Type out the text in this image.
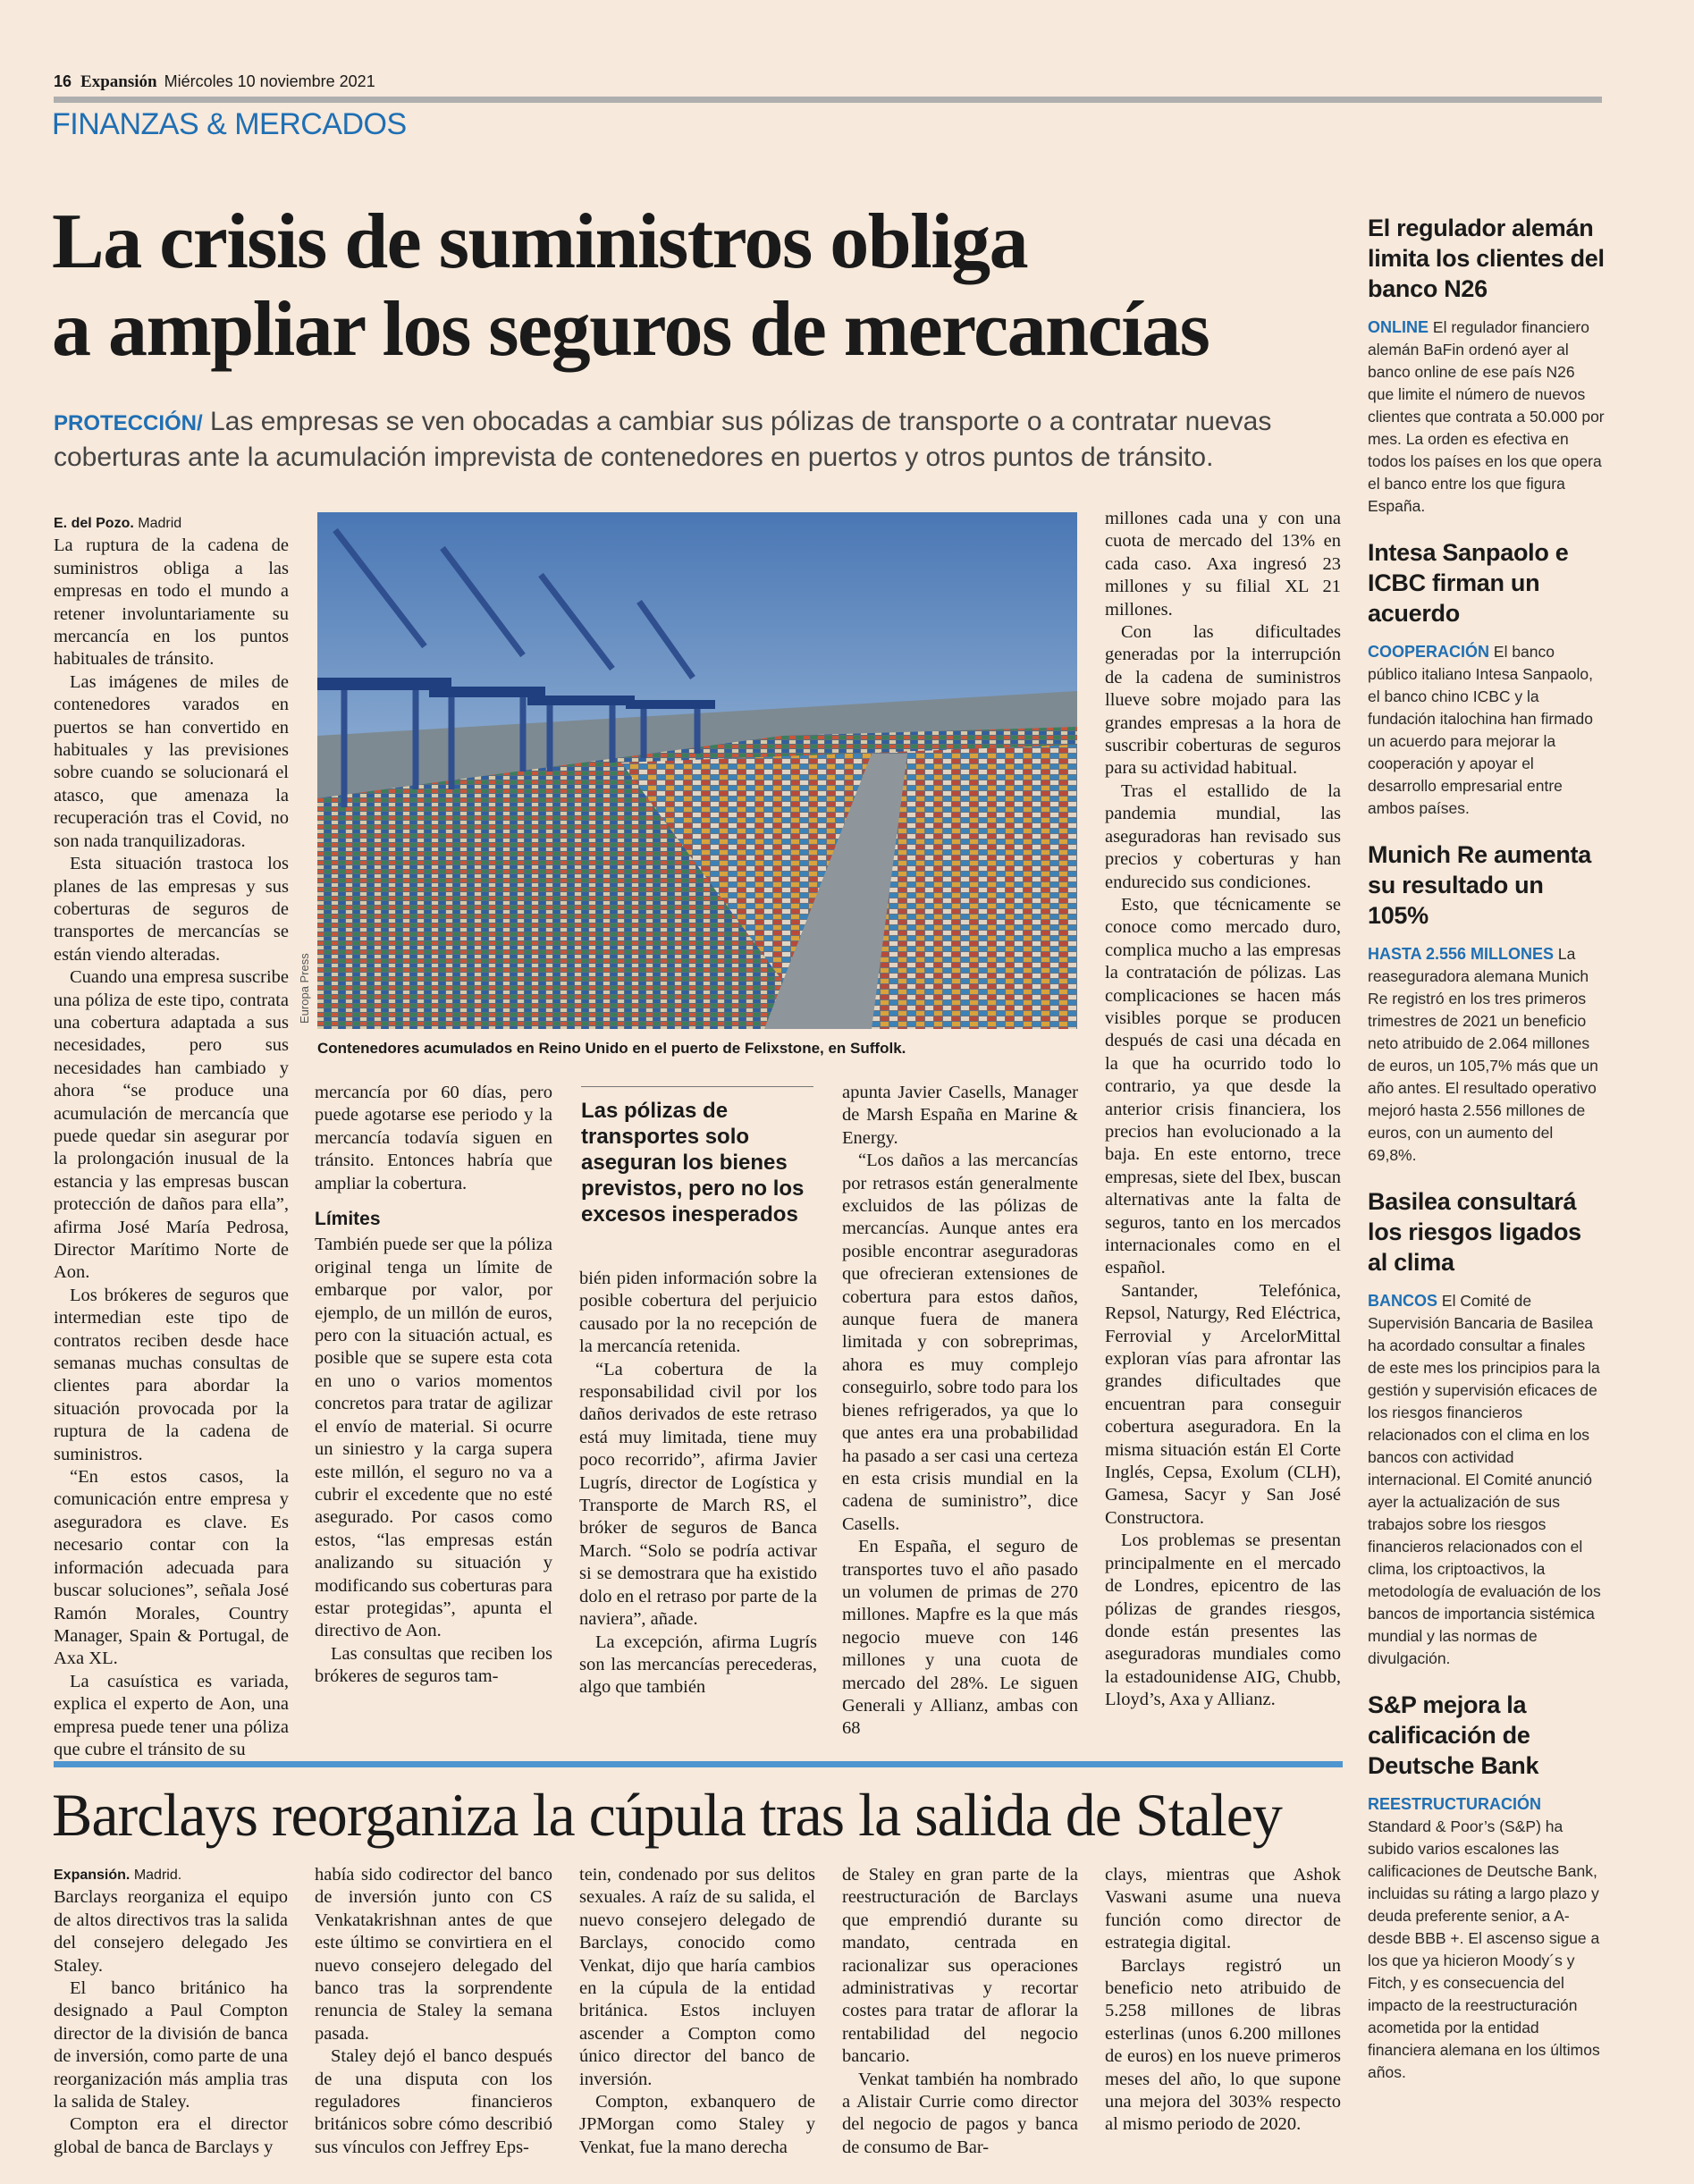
16 Expansión Miércoles 10 noviembre 2021
FINANZAS & MERCADOS
La crisis de suministros obliga
a ampliar los seguros de mercancías
PROTECCIÓN/ Las empresas se ven obocadas a cambiar sus pólizas de transporte o a contratar nuevas coberturas ante la acumulación imprevista de contenedores en puertos y otros puntos de tránsito.
E. del Pozo. Madrid

La ruptura de la cadena de suministros obliga a las empresas en todo el mundo a retener involuntariamente su mercancía en los puntos habituales de tránsito.

Las imágenes de miles de contenedores varados en puertos se han convertido en habituales y las previsiones sobre cuando se solucionará el atasco, que amenaza la recuperación tras el Covid, no son nada tranquilizadoras.

Esta situación trastoca los planes de las empresas y sus coberturas de seguros de transportes de mercancías se están viendo alteradas.

Cuando una empresa suscribe una póliza de este tipo, contrata una cobertura adaptada a sus necesidades, pero sus necesidades han cambiado y ahora “se produce una acumulación de mercancía que puede quedar sin asegurar por la prolongación inusual de la estancia y las empresas buscan protección de daños para ella”, afirma José María Pedrosa, Director Marítimo Norte de Aon.

Los brókeres de seguros que intermedian este tipo de contratos reciben desde hace semanas muchas consultas de clientes para abordar la situación provocada por la ruptura de la cadena de suministros.

“En estos casos, la comunicación entre empresa y aseguradora es clave. Es necesario contar con la información adecuada para buscar soluciones”, señala José Ramón Morales, Country Manager, Spain & Portugal, de Axa XL.

La casuística es variada, explica el experto de Aon, una empresa puede tener una póliza que cubre el tránsito de su

Europa Press
Contenedores acumulados en Reino Unido en el puerto de Felixstone, en Suffolk.

mercancía por 60 días, pero puede agotarse ese periodo y la mercancía todavía siguen en tránsito. Entonces habría que ampliar la cobertura.

Límites

También puede ser que la póliza original tenga un límite de embarque por valor, por ejemplo, de un millón de euros, pero con la situación actual, es posible que se supere esta cota en uno o varios momentos concretos para tratar de agilizar el envío de material. Si ocurre un siniestro y la carga supera este millón, el seguro no va a cubrir el excedente que no esté asegurado. Por casos como estos, “las empresas están analizando su situación y modificando sus coberturas para estar protegidas”, apunta el directivo de Aon.

Las consultas que reciben los brókeres de seguros tam-

Las pólizas de transportes solo aseguran los bienes previstos, pero no los excesos inesperados

bién piden información sobre la posible cobertura del perjuicio causado por la no recepción de la mercancía retenida.

“La cobertura de la responsabilidad civil por los daños derivados de este retraso está muy limitada, tiene muy poco recorrido”, afirma Javier Lugrís, director de Logística y Transporte de March RS, el bróker de seguros de Banca March. “Solo se podría activar si se demostrara que ha existido dolo en el retraso por parte de la naviera”, añade.

La excepción, afirma Lugrís son las mercancías perecederas, algo que también

apunta Javier Casells, Manager de Marsh España en Marine & Energy.

“Los daños a las mercancías por retrasos están generalmente excluidos de las pólizas de mercancías. Aunque antes era posible encontrar aseguradoras que ofrecieran extensiones de cobertura para estos daños, aunque fuera de manera limitada y con sobreprimas, ahora es muy complejo conseguirlo, sobre todo para los bienes refrigerados, ya que lo que antes era una probabilidad ha pasado a ser casi una certeza en esta crisis mundial en la cadena de suministro”, dice Casells.

En España, el seguro de transportes tuvo el año pasado un volumen de primas de 270 millones. Mapfre es la que más negocio mueve con 146 millones y una cuota de mercado del 28%. Le siguen Generali y Allianz, ambas con 68

millones cada una y con una cuota de mercado del 13% en cada caso. Axa ingresó 23 millones y su filial XL 21 millones.

Con las dificultades generadas por la interrupción de la cadena de suministros llueve sobre mojado para las grandes empresas a la hora de suscribir coberturas de seguros para su actividad habitual.

Tras el estallido de la pandemia mundial, las aseguradoras han revisado sus precios y coberturas y han endurecido sus condiciones.

Esto, que técnicamente se conoce como mercado duro, complica mucho a las empresas la contratación de pólizas. Las complicaciones se hacen más visibles porque se producen después de casi una década en la que ha ocurrido todo lo contrario, ya que desde la anterior crisis financiera, los precios han evolucionado a la baja. En este entorno, trece empresas, siete del Ibex, buscan alternativas ante la falta de seguros, tanto en los mercados internacionales como en el español.

Santander, Telefónica, Repsol, Naturgy, Red Eléctrica, Ferrovial y ArcelorMittal exploran vías para afrontar las grandes dificultades que encuentran para conseguir cobertura aseguradora. En la misma situación están El Corte Inglés, Cepsa, Exolum (CLH), Gamesa, Sacyr y San José Constructora.

Los problemas se presentan principalmente en el mercado de Londres, epicentro de las pólizas de grandes riesgos, donde están presentes las aseguradoras mundiales como la estadounidense AIG, Chubb, Lloyd’s, Axa y Allianz.

El regulador alemán limita los clientes del banco N26

ONLINE El regulador financiero alemán BaFin ordenó ayer al banco online de ese país N26 que limite el número de nuevos clientes que contrata a 50.000 por mes. La orden es efectiva en todos los países en los que opera el banco entre los que figura España.

Intesa Sanpaolo e ICBC firman un acuerdo

COOPERACIÓN El banco público italiano Intesa Sanpaolo, el banco chino ICBC y la fundación italochina han firmado un acuerdo para mejorar la cooperación y apoyar el desarrollo empresarial entre ambos países.

Munich Re aumenta su resultado un 105%

HASTA 2.556 MILLONES La reaseguradora alemana Munich Re registró en los tres primeros trimestres de 2021 un beneficio neto atribuido de 2.064 millones de euros, un 105,7% más que un año antes. El resultado operativo mejoró hasta 2.556 millones de euros, con un aumento del 69,8%.

Basilea consultará los riesgos ligados al clima

BANCOS El Comité de Supervisión Bancaria de Basilea ha acordado consultar a finales de este mes los principios para la gestión y supervisión eficaces de los riesgos financieros relacionados con el clima en los bancos con actividad internacional. El Comité anunció ayer la actualización de sus trabajos sobre los riesgos financieros relacionados con el clima, los criptoactivos, la metodología de evaluación de los bancos de importancia sistémica mundial y las normas de divulgación.

S&P mejora la calificación de Deutsche Bank

REESTRUCTURACIÓN Standard & Poor’s (S&P) ha subido varios escalones las calificaciones de Deutsche Bank, incluidas su ráting a largo plazo y deuda preferente senior, a A- desde BBB +. El ascenso sigue a los que ya hicieron Moody´s y Fitch, y es consecuencia del impacto de la reestructuración acometida por la entidad financiera alemana en los últimos años.

Barclays reorganiza la cúpula tras la salida de Staley
Expansión. Madrid.

Barclays reorganiza el equipo de altos directivos tras la salida del consejero delegado Jes Staley.

El banco británico ha designado a Paul Compton director de la división de banca de inversión, como parte de una reorganización más amplia tras la salida de Staley.

Compton era el director global de banca de Barclays y

había sido codirector del banco de inversión junto con CS Venkatakrishnan antes de que este último se convirtiera en el nuevo consejero delegado del banco tras la sorprendente renuncia de Staley la semana pasada.

Staley dejó el banco después de una disputa con los reguladores financieros británicos sobre cómo describió sus vínculos con Jeffrey Eps-

tein, condenado por sus delitos sexuales. A raíz de su salida, el nuevo consejero delegado de Barclays, conocido como Venkat, dijo que haría cambios en la cúpula de la entidad británica. Estos incluyen ascender a Compton como único director del banco de inversión.

Compton, exbanquero de JPMorgan como Staley y Venkat, fue la mano derecha

de Staley en gran parte de la reestructuración de Barclays que emprendió durante su mandato, centrada en racionalizar sus operaciones administrativas y recortar costes para tratar de aflorar la rentabilidad del negocio bancario.

Venkat también ha nombrado a Alistair Currie como director del negocio de pagos y banca de consumo de Bar-

clays, mientras que Ashok Vaswani asume una nueva función como director de estrategia digital.

Barclays registró un beneficio neto atribuido de 5.258 millones de libras esterlinas (unos 6.200 millones de euros) en los nueve primeros meses del año, lo que supone una mejora del 303% respecto al mismo periodo de 2020.
